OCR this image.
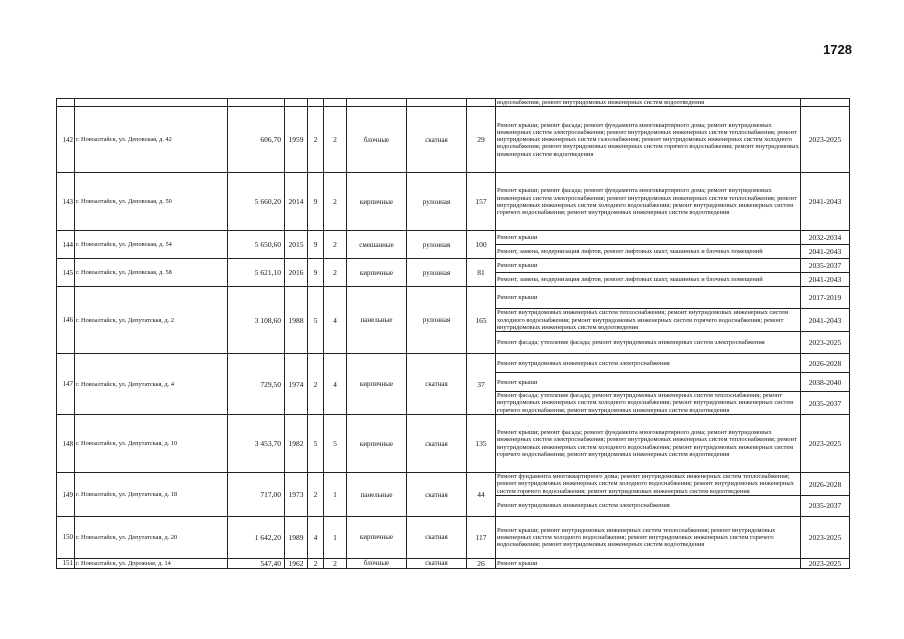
1728
									водоснабжения, ремонт внутридомовых инженерных систем водоотведения	
142	г. Новоалтайск, ул. Деповская, д. 42	606,70	1959	2	2	блочные	скатная	29	Ремонт крыши; ремонт фасада; ремонт фундамента многоквартирного дома; ремонт внутридомовых инженерных систем электроснабжения; ремонт внутридомовых инженерных систем теплоснабжения; ремонт внутридомовых инженерных систем газоснабжения; ремонт внутридомовых инженерных систем холодного водоснабжения; ремонт внутридомовых инженерных систем горячего водоснабжения; ремонт внутридомовых инженерных систем водоотведения	2023-2025
143	г. Новоалтайск, ул. Деповская, д. 50	5 660,20	2014	9	2	кирпичные	рулонная	157	Ремонт крыши; ремонт фасада; ремонт фундамента многоквартирного дома; ремонт внутридомовых инженерных систем электроснабжения; ремонт внутридомовых инженерных систем теплоснабжения; ремонт внутридомовых инженерных систем холодного водоснабжения; ремонт внутридомовых инженерных систем горячего водоснабжения; ремонт внутридомовых инженерных систем водоотведения	2041-2043
144	г. Новоалтайск, ул. Деповская, д. 54	5 650,60	2015	9	2	смешанные	рулонная	100	Ремонт крыши	2032-2034
									Ремонт, замена, модернизация лифтов, ремонт лифтовых шахт, машинных и блочных помещений	2041-2043
145	г. Новоалтайск, ул. Деповская, д. 58	5 621,10	2016	9	2	кирпичные	рулонная	81	Ремонт крыши	2035-2037
									Ремонт, замена, модернизация лифтов, ремонт лифтовых шахт, машинных и блочных помещений	2041-2043
146	г. Новоалтайск, ул. Депутатская, д. 2	3 108,60	1988	5	4	панельные	рулонная	165	Ремонт крыши	2017-2019
									Ремонт внутридомовых инженерных систем теплоснабжения; ремонт внутридомовых инженерных систем холодного водоснабжения; ремонт внутридомовых инженерных систем горячего водоснабжения; ремонт внутридомовых инженерных систем водоотведения	2041-2043
									Ремонт фасада; утепление фасада; ремонт внутридомовых инженерных систем электроснабжения	2023-2025
147	г. Новоалтайск, ул. Депутатская, д. 4	729,50	1974	2	4	кирпичные	скатная	37	Ремонт внутридомовых инженерных систем электроснабжения	2026-2028
									Ремонт крыши	2038-2040
									Ремонт фасада; утепление фасада; ремонт внутридомовых инженерных систем теплоснабжения; ремонт внутридомовых инженерных систем холодного водоснабжения; ремонт внутридомовых инженерных систем горячего водоснабжения; ремонт внутридомовых инженерных систем водоотведения	2035-2037
148	г. Новоалтайск, ул. Депутатская, д. 10	3 453,70	1982	5	5	кирпичные	скатная	135	Ремонт крыши; ремонт фасада; ремонт фундамента многоквартирного дома; ремонт внутридомовых инженерных систем электроснабжения; ремонт внутридомовых инженерных систем теплоснабжения; ремонт внутридомовых инженерных систем холодного водоснабжения; ремонт внутридомовых инженерных систем горячего водоснабжения; ремонт внутридомовых инженерных систем водоотведения	2023-2025
149	г. Новоалтайск, ул. Депутатская, д. 18	717,00	1973	2	1	панельные	скатная	44	Ремонт фундамента многоквартирного дома; ремонт внутридомовых инженерных систем теплоснабжения; ремонт внутридомовых инженерных систем холодного водоснабжения; ремонт внутридомовых инженерных систем горячего водоснабжения; ремонт внутридомовых инженерных систем водоотведения	2026-2028
									Ремонт внутридомовых инженерных систем электроснабжения	2035-2037
150	г. Новоалтайск, ул. Депутатская, д. 20	1 642,20	1989	4	1	кирпичные	скатная	117	Ремонт крыши; ремонт внутридомовых инженерных систем теплоснабжения; ремонт внутридомовых инженерных систем холодного водоснабжения; ремонт внутридомовых инженерных систем горячего водоснабжения; ремонт внутридомовых инженерных систем водоотведения	2023-2025
151	г. Новоалтайск, ул. Дорожная, д. 14	547,40	1962	2	2	блочные	скатная	26	Ремонт крыши	2023-2025
